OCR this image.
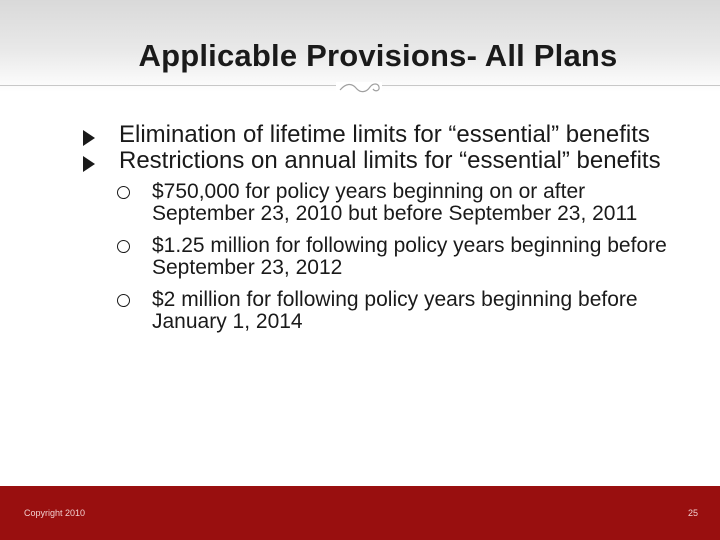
Applicable Provisions- All Plans
Elimination of lifetime limits for “essential” benefits
Restrictions on annual limits for “essential” benefits
$750,000 for policy years beginning on or after September 23, 2010 but before September 23, 2011
$1.25 million for following policy years beginning before September 23, 2012
$2 million for following policy years beginning before January 1, 2014
Copyright 2010	25
